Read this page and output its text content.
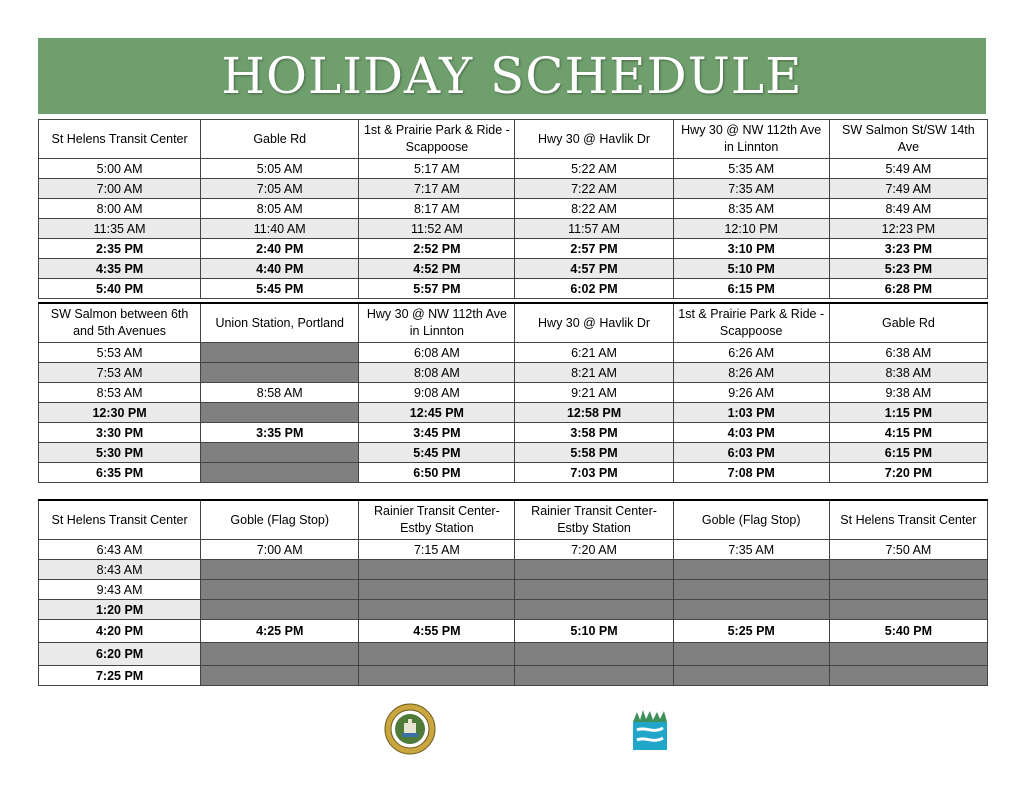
HOLIDAY SCHEDULE
St Helens Transit Center	Gable Rd	1st & Prairie Park & Ride - Scappoose	Hwy 30 @ Havlik Dr	Hwy 30 @ NW 112th Ave in Linnton	SW Salmon St/SW 14th Ave
5:00 AM	5:05 AM	5:17 AM	5:22 AM	5:35 AM	5:49 AM
7:00 AM	7:05 AM	7:17 AM	7:22 AM	7:35 AM	7:49 AM
8:00 AM	8:05 AM	8:17 AM	8:22 AM	8:35 AM	8:49 AM
11:35 AM	11:40 AM	11:52 AM	11:57 AM	12:10 PM	12:23 PM
2:35 PM	2:40 PM	2:52 PM	2:57 PM	3:10 PM	3:23 PM
4:35 PM	4:40 PM	4:52 PM	4:57 PM	5:10 PM	5:23 PM
5:40 PM	5:45 PM	5:57 PM	6:02 PM	6:15 PM	6:28 PM
SW Salmon between 6th and 5th Avenues	Union Station, Portland	Hwy 30 @ NW 112th Ave in Linnton	Hwy 30 @ Havlik Dr	1st & Prairie Park & Ride - Scappoose	Gable Rd
5:53 AM		6:08 AM	6:21 AM	6:26 AM	6:38 AM
7:53 AM		8:08 AM	8:21 AM	8:26 AM	8:38 AM
8:53 AM	8:58 AM	9:08 AM	9:21 AM	9:26 AM	9:38 AM
12:30 PM		12:45 PM	12:58 PM	1:03 PM	1:15 PM
3:30 PM	3:35 PM	3:45 PM	3:58 PM	4:03 PM	4:15 PM
5:30 PM		5:45 PM	5:58 PM	6:03 PM	6:15 PM
6:35 PM		6:50 PM	7:03 PM	7:08 PM	7:20 PM
St Helens Transit Center	Goble (Flag Stop)	Rainier Transit Center-Estby Station	Rainier Transit Center-Estby Station	Goble (Flag Stop)	St Helens Transit Center
6:43 AM	7:00 AM	7:15 AM	7:20 AM	7:35 AM	7:50 AM
8:43 AM					
9:43 AM					
1:20 PM					
4:20 PM	4:25 PM	4:55 PM	5:10 PM	5:25 PM	5:40 PM
6:20 PM					
7:25 PM					
